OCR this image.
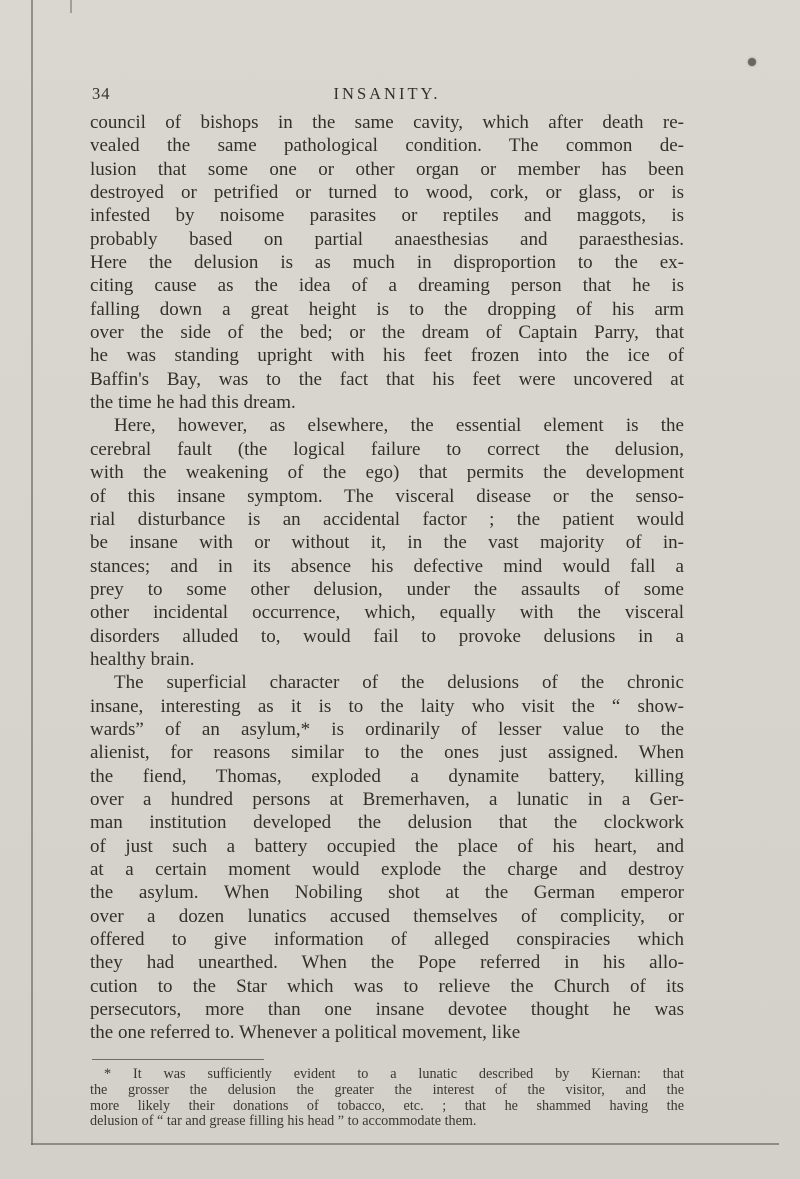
34	INSANITY.
council of bishops in the same cavity, which after death re-
vealed the same pathological condition. The common de-
lusion that some one or other organ or member has been
destroyed or petrified or turned to wood, cork, or glass, or is
infested by noisome parasites or reptiles and maggots, is
probably based on partial anaesthesias and paraesthesias.
Here the delusion is as much in disproportion to the ex-
citing cause as the idea of a dreaming person that he is
falling down a great height is to the dropping of his arm
over the side of the bed; or the dream of Captain Parry, that
he was standing upright with his feet frozen into the ice of
Baffin's Bay, was to the fact that his feet were uncovered at
the time he had this dream.
Here, however, as elsewhere, the essential element is the
cerebral fault (the logical failure to correct the delusion,
with the weakening of the ego) that permits the development
of this insane symptom. The visceral disease or the senso-
rial disturbance is an accidental factor ; the patient would
be insane with or without it, in the vast majority of in-
stances; and in its absence his defective mind would fall a
prey to some other delusion, under the assaults of some
other incidental occurrence, which, equally with the visceral
disorders alluded to, would fail to provoke delusions in a
healthy brain.
The superficial character of the delusions of the chronic
insane, interesting as it is to the laity who visit the “ show-
wards” of an asylum,* is ordinarily of lesser value to the
alienist, for reasons similar to the ones just assigned. When
the fiend, Thomas, exploded a dynamite battery, killing
over a hundred persons at Bremerhaven, a lunatic in a Ger-
man institution developed the delusion that the clockwork
of just such a battery occupied the place of his heart, and
at a certain moment would explode the charge and destroy
the asylum. When Nobiling shot at the German emperor
over a dozen lunatics accused themselves of complicity, or
offered to give information of alleged conspiracies which
they had unearthed. When the Pope referred in his allo-
cution to the Star which was to relieve the Church of its
persecutors, more than one insane devotee thought he was
the one referred to. Whenever a political movement, like
* It was sufficiently evident to a lunatic described by Kiernan: that
the grosser the delusion the greater the interest of the visitor, and the
more likely their donations of tobacco, etc. ; that he shammed having the
delusion of “ tar and grease filling his head ” to accommodate them.
